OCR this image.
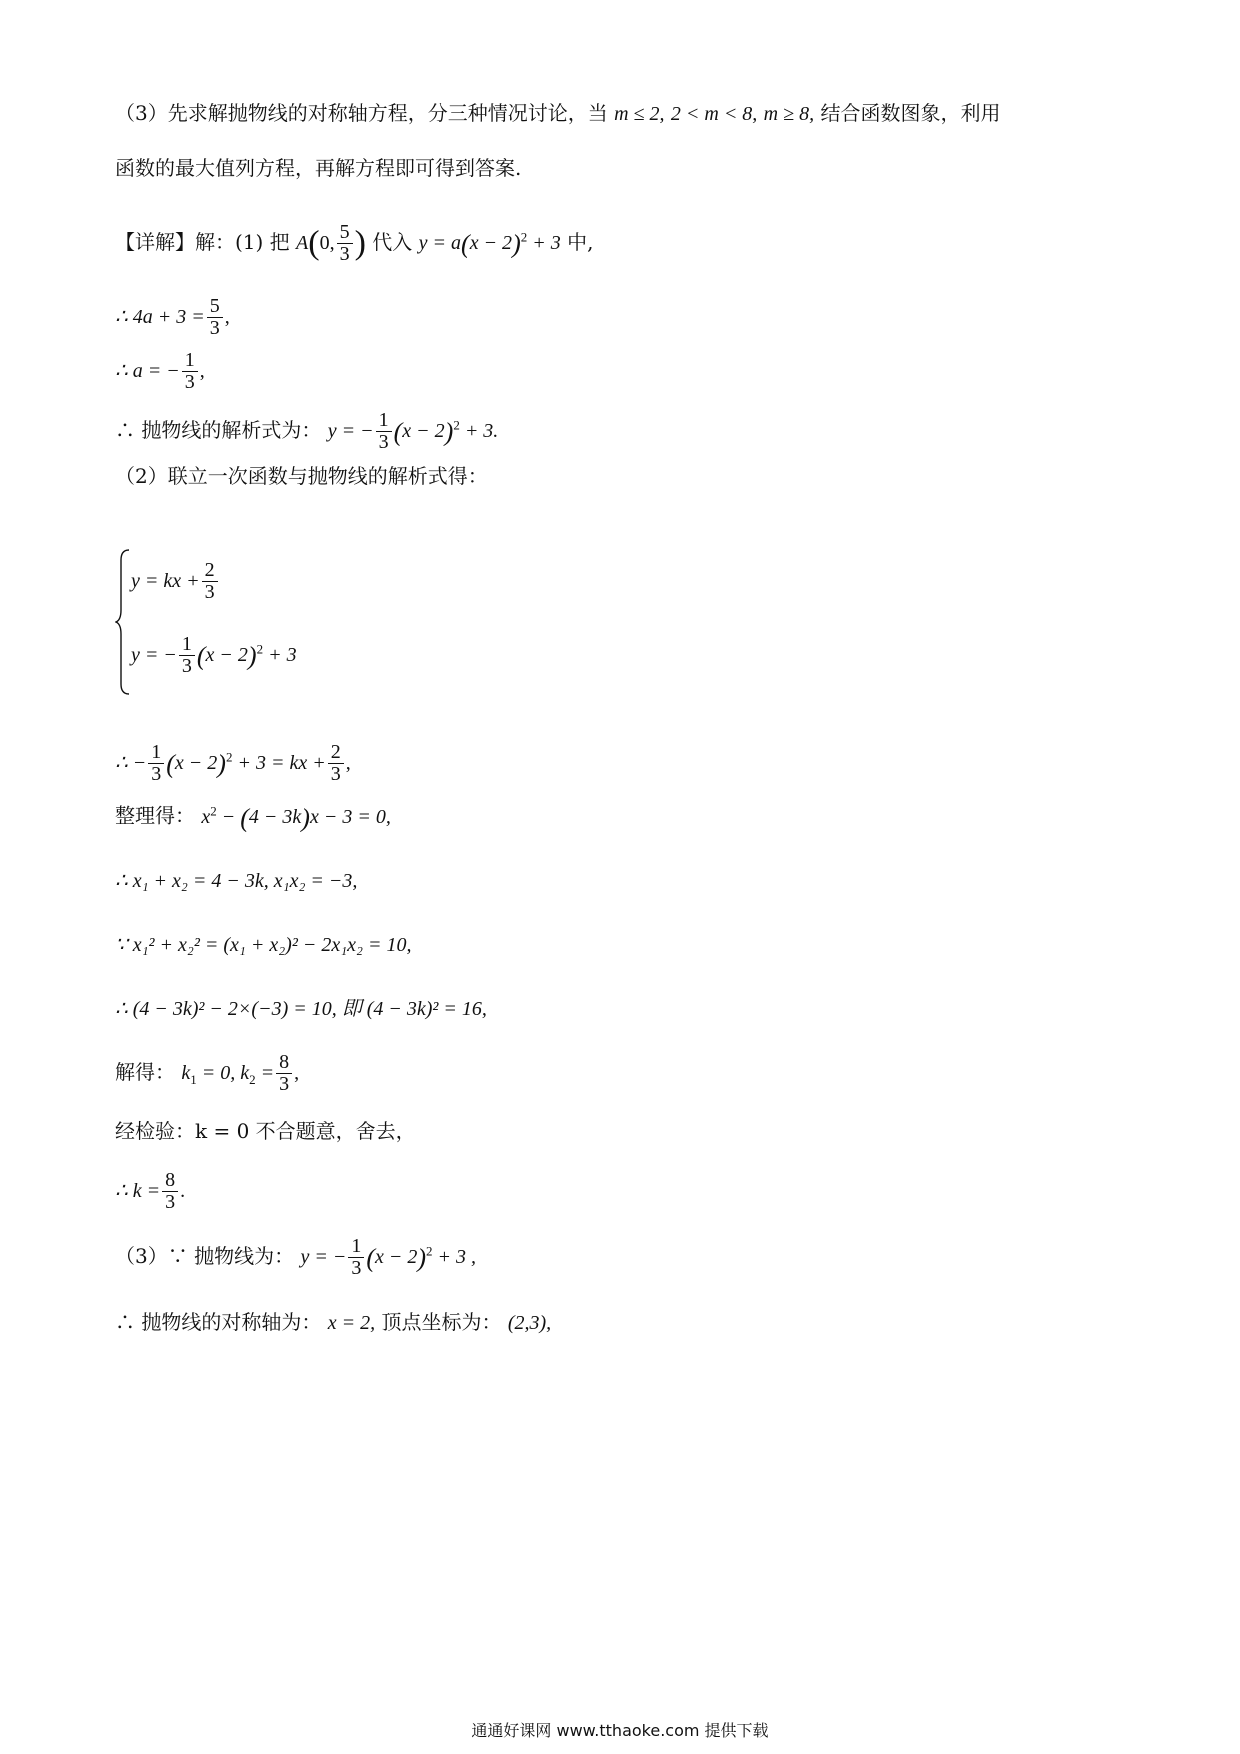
（3）先求解抛物线的对称轴方程，分三种情况讨论，当 m ≤ 2, 2 < m < 8, m ≥ 8, 结合函数图象，利用
函数的最大值列方程，再解方程即可得到答案.
【详解】解：(1) 把 A(0, $\frac{5}{3}$ ) 代入 $y = a(x - 2)^2 + 3$ 中,
∴ $4a + 3 = \frac{5}{3}$ ,
∴ a = − $\frac{1}{3}$ ,
∴ 抛物线的解析式为： y = − $\frac{1}{3} (x - 2)^2 + 3$.
（2）联立一次函数与抛物线的解析式得：
y = kx + $\frac{2}{3}$
y = − $\frac{1}{3} (x - 2)^2 + 3$
∴ − $\frac{1}{3} (x - 2)^2 + 3$ = kx + $\frac{2}{3}$ ,
整理得： $x^2 - (4 - 3k)x - 3 = 0$,
∴ x₁ + x₂ = 4 − 3k, x₁x₂ = −3,
∵ x₁² + x₂² = (x₁ + x₂)² − 2x₁x₂ = 10,
∴ (4 − 3k)² − 2×(−3) = 10, 即 (4 − 3k)² = 16,
解得： $k_1 = 0$, $k_2 = \frac{8}{3}$ ,
经检验：k = 0 不合题意，舍去，
∴ $k = \frac{8}{3}$ .
（3）∵ 抛物线为： y = − $\frac{1}{3} (x - 2)^2 + 3$ ,
∴ 抛物线的对称轴为： x = 2, 顶点坐标为： (2,3),
通通好课网 www.tthaoke.com 提供下载
